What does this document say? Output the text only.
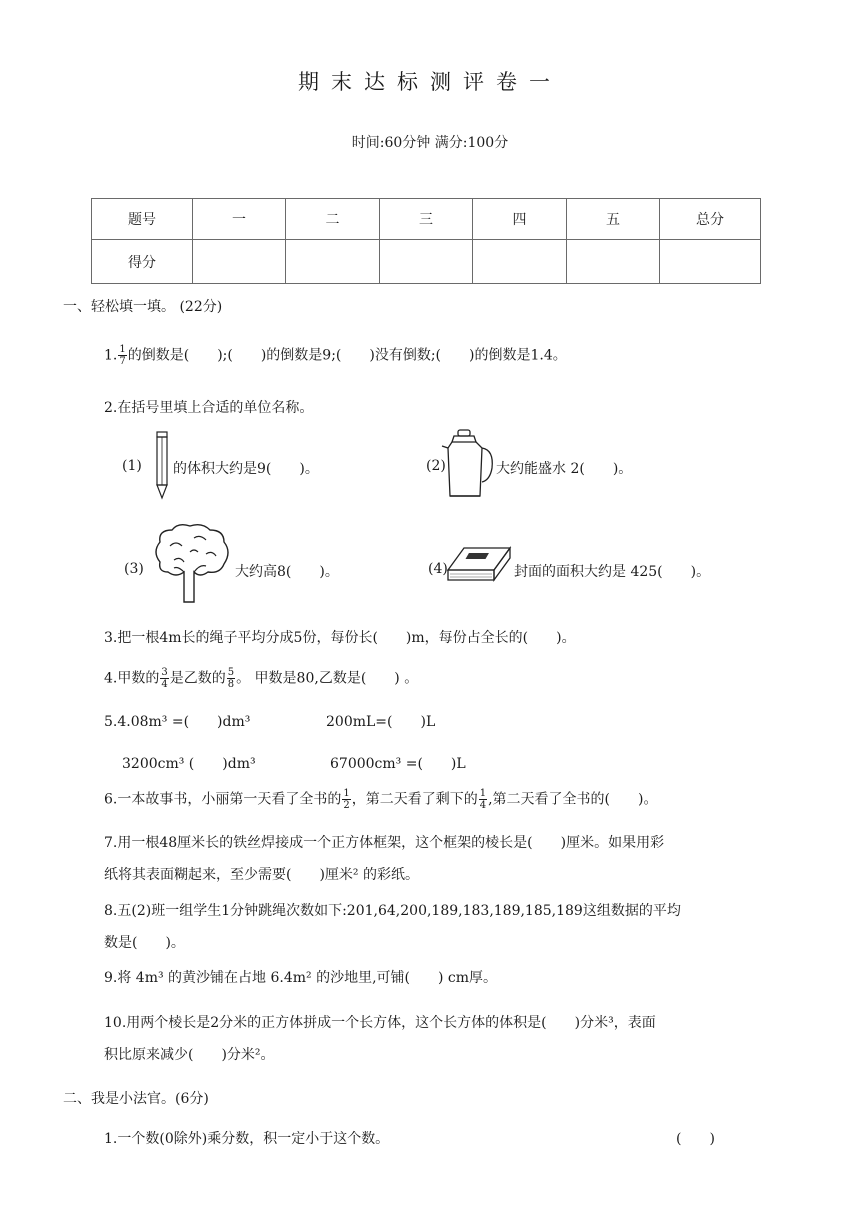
期末达标测评卷一
时间:60分钟 满分:100分
题号	一	二	三	四	五	总分
得分						
一、轻松填一填。 (22分)
1. $\frac{1}{7}$ 的倒数是(　　);(　　)的倒数是9;(　　)没有倒数;(　　)的倒数是1.4。
2.在括号里填上合适的单位名称。
(1) 的体积大约是9(　　)。	(2)	大约能盛水 2(　　)。
(3)	大约高8(　　)。	(4)	封面的面积大约是 425(　　)。
3.把一根4m长的绳子平均分成5份，每份长(　　)m，每份占全长的(　　)。
4.甲数的 $\frac{3}{4}$ 是乙数的 $\frac{5}{8}$ 。 甲数是80,乙数是(　　) 。
5.4.08m³ =(　　)dm³	200mL=(　　)L
3200cm³ (　　)dm³	67000cm³ =(　　)L
6.一本故事书，小丽第一天看了全书的 $\frac{1}{2}$ ，第二天看了剩下的 $\frac{1}{4}$ ,第二天看了全书的(　　)。
7.用一根48厘米长的铁丝焊接成一个正方体框架，这个框架的棱长是(　　)厘米。如果用彩
纸将其表面糊起来，至少需要(　　)厘米² 的彩纸。
8.五(2)班一组学生1分钟跳绳次数如下:201,64,200,189,183,189,185,189这组数据的平均
数是(　　)。
9.将 4m³ 的黄沙铺在占地 6.4m² 的沙地里,可铺(　　) cm厚。
10.用两个棱长是2分米的正方体拼成一个长方体，这个长方体的体积是(　　)分米³，表面
积比原来减少(　　)分米²。
二、我是小法官。(6分)
1.一个数(0除外)乘分数，积一定小于这个数。	(　　)
